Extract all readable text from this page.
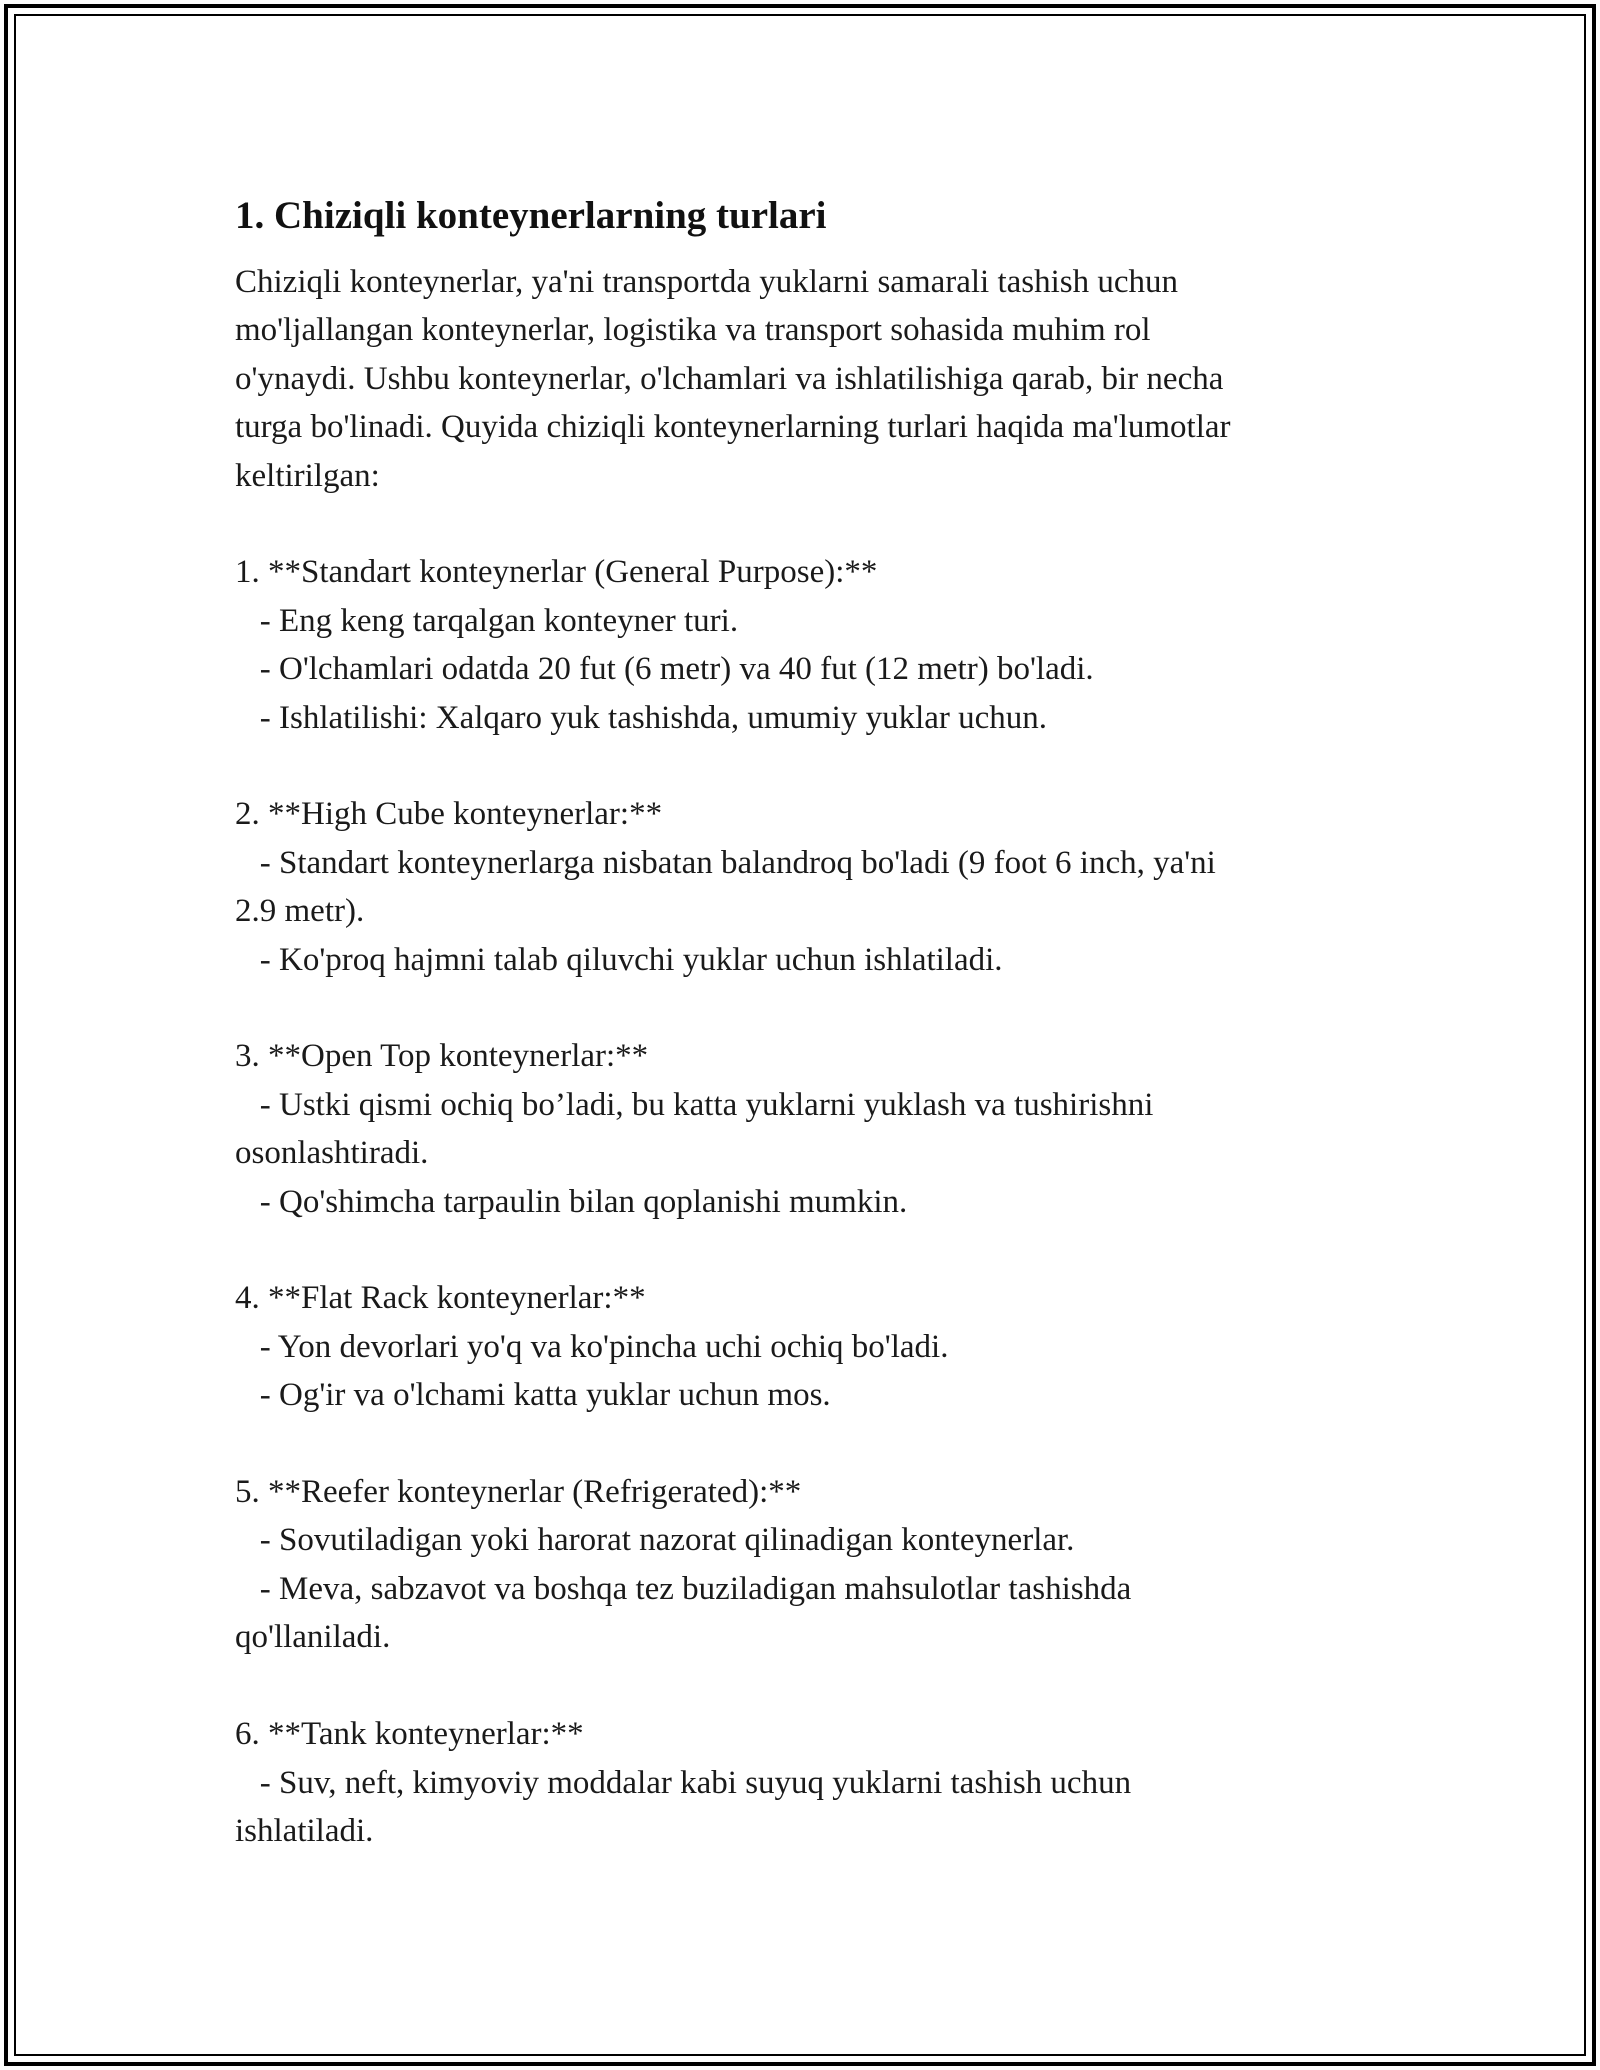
1. Chiziqli konteynerlarning turlari

Chiziqli konteynerlar, ya'ni transportda yuklarni samarali tashish uchun
mo'ljallangan konteynerlar, logistika va transport sohasida muhim rol
o'ynaydi. Ushbu konteynerlar, o'lchamlari va ishlatilishiga qarab, bir necha
turga bo'linadi. Quyida chiziqli konteynerlarning turlari haqida ma'lumotlar
keltirilgan:

1. **Standart konteynerlar (General Purpose):**
- Eng keng tarqalgan konteyner turi.
- O'lchamlari odatda 20 fut (6 metr) va 40 fut (12 metr) bo'ladi.
- Ishlatilishi: Xalqaro yuk tashishda, umumiy yuklar uchun.

2. **High Cube konteynerlar:**
- Standart konteynerlarga nisbatan balandroq bo'ladi (9 foot 6 inch, ya'ni
2.9 metr).
- Ko'proq hajmni talab qiluvchi yuklar uchun ishlatiladi.

3. **Open Top konteynerlar:**
- Ustki qismi ochiq bo’ladi, bu katta yuklarni yuklash va tushirishni
osonlashtiradi.
- Qo'shimcha tarpaulin bilan qoplanishi mumkin.

4. **Flat Rack konteynerlar:**
- Yon devorlari yo'q va ko'pincha uchi ochiq bo'ladi.
- Og'ir va o'lchami katta yuklar uchun mos.

5. **Reefer konteynerlar (Refrigerated):**
- Sovutiladigan yoki harorat nazorat qilinadigan konteynerlar.
- Meva, sabzavot va boshqa tez buziladigan mahsulotlar tashishda
qo'llaniladi.

6. **Tank konteynerlar:**
- Suv, neft, kimyoviy moddalar kabi suyuq yuklarni tashish uchun
ishlatiladi.
